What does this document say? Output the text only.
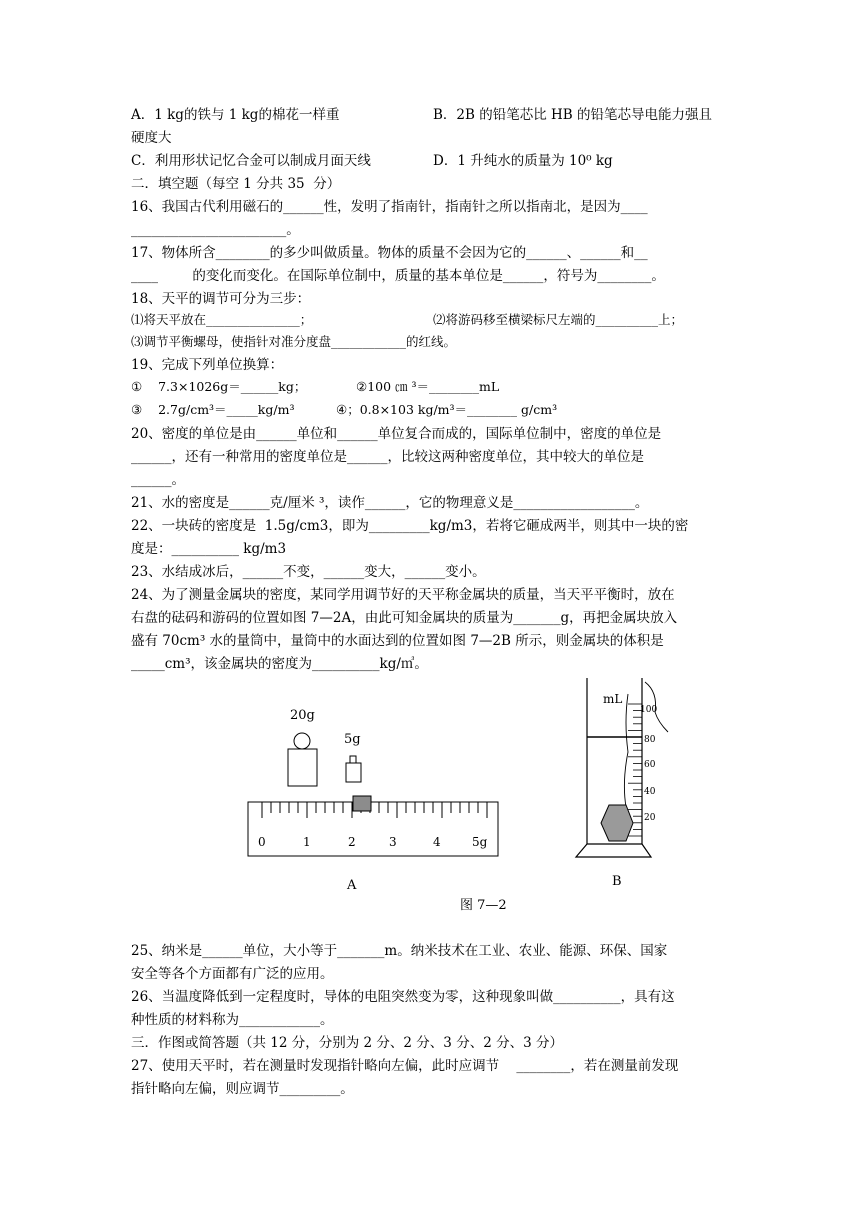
A．1 kg的铁与 1 kg的棉花一样重	B．2B 的铅笔芯比 HB 的铅笔芯导电能力强且
硬度大
C．利用形状记忆合金可以制成月面天线	D．1 升纯水的质量为 10⁰ kg
二．填空题（每空 1 分共 35  分）
16、我国古代利用磁石的______性，发明了指南针，指南针之所以指南北，是因为____
_______________________。
17、物体所含________的多少叫做质量。物体的质量不会因为它的______、______和__
____        的变化而变化。在国际单位制中，质量的基本单位是______，符号为________。
18、天平的调节可分为三步：
⑴将天平放在_______________；	⑵将游码移至横梁标尺左端的__________上；
⑶调节平衡螺母，使指针对准分度盘____________的红线。
19、完成下列单位换算：
①    7.3×1026g＝______kg；	②100 ㎝ ³＝________mL
③    2.7g/cm³＝_____kg/m³	④；0.8×103 kg/m³＝________ g/cm³
20、密度的单位是由______单位和______单位复合而成的，国际单位制中，密度的单位是
______，还有一种常用的密度单位是______，比较这两种密度单位，其中较大的单位是
______。
21、水的密度是______克/厘米 ³，读作______，它的物理意义是__________________。
22、一块砖的密度是  1.5g/cm3，即为_________kg/m3，若将它砸成两半，则其中一块的密
度是：__________ kg/m3
23、水结成冰后，______不变，______变大，______变小。
24、为了测量金属块的密度，某同学用调节好的天平称金属块的质量，当天平平衡时，放在
右盘的砝码和游码的位置如图 7—2A，由此可知金属块的质量为_______g，再把金属块放入
盛有 70cm³ 水的量筒中，量筒中的水面达到的位置如图 7—2B 所示，则金属块的体积是
_____cm³，该金属块的密度为__________kg/㎥。
20g
5g
0	1	2	3	4	5g
A
mL
100
80
60
40
20
B
图 7—2
25、纳米是______单位，大小等于_______m。纳米技术在工业、农业、能源、环保、国家
安全等各个方面都有广泛的应用。
26、当温度降低到一定程度时，导体的电阻突然变为零，这种现象叫做__________，具有这
种性质的材料称为____________。
三．作图或简答题（共 12 分，分别为 2 分、2 分、3 分、2 分、3 分）
27、使用天平时，若在测量时发现指针略向左偏，此时应调节    ________，若在测量前发现
指针略向左偏，则应调节_________。
